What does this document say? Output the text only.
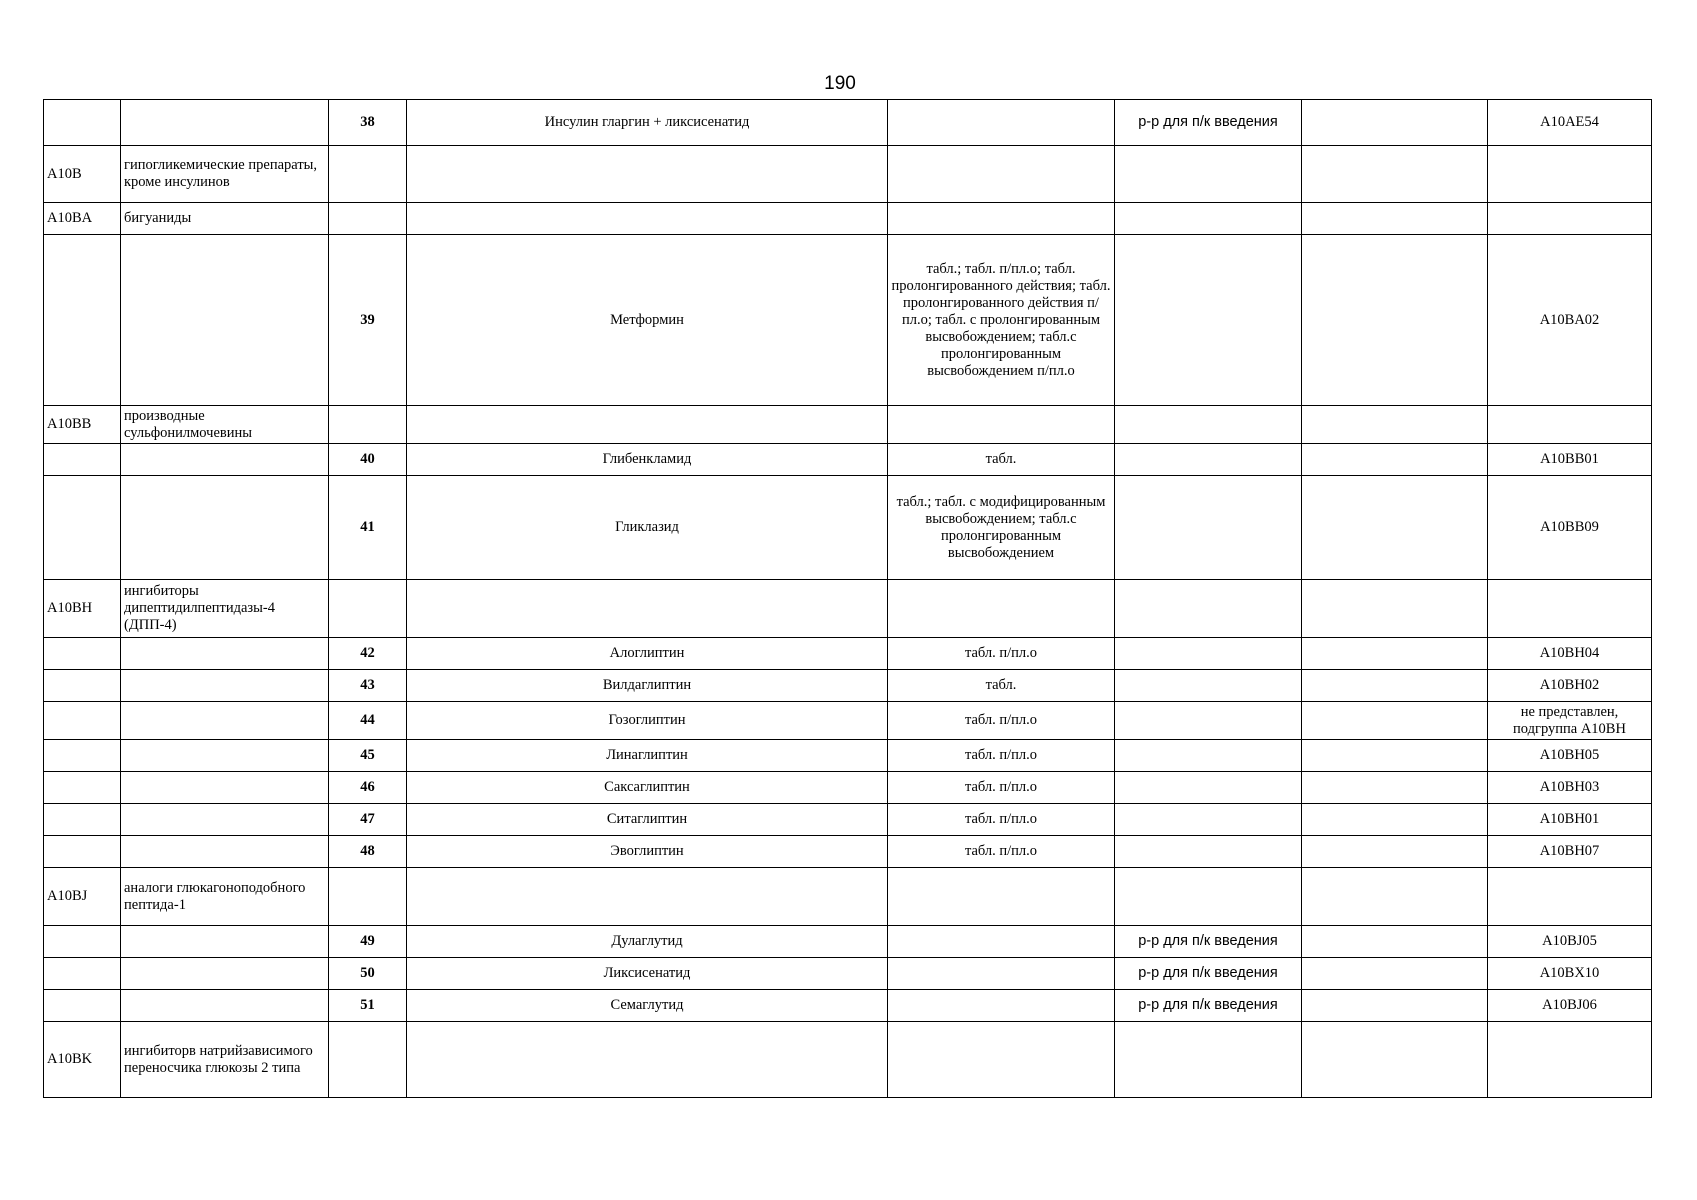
190
		38	Инсулин гларгин + ликсисенатид		р-р для п/к введения		A10AE54
A10B	гипогликемические препараты, кроме инсулинов						
A10BA	бигуаниды						
		39	Метформин	табл.; табл. п/пл.о; табл. пролонгированного действия; табл. пролонгированного действия п/пл.о; табл. с пролонгированным высвобождением; табл.с пролонгированным высвобождением п/пл.о			A10BA02
A10BB	производные сульфонилмочевины						
		40	Глибенкламид	табл.			A10BB01
		41	Гликлазид	табл.; табл. с модифицированным высвобождением; табл.с пролонгированным высвобождением			A10BB09
A10BH	ингибиторы дипептидилпептидазы-4 (ДПП-4)						
		42	Алоглиптин	табл. п/пл.о			A10BH04
		43	Вилдаглиптин	табл.			A10BH02
		44	Гозоглиптин	табл. п/пл.о			не представлен, подгруппа A10BH
		45	Линаглиптин	табл. п/пл.о			A10BH05
		46	Саксаглиптин	табл. п/пл.о			A10BH03
		47	Ситаглиптин	табл. п/пл.о			A10BH01
		48	Эвоглиптин	табл. п/пл.о			A10BH07
A10BJ	аналоги глюкагоноподобного пептида-1						
		49	Дулаглутид		р-р для п/к введения		A10BJ05
		50	Ликсисенатид		р-р для п/к введения		A10BX10
		51	Семаглутид		р-р для п/к введения		A10BJ06
A10BK	ингибиторв натрийзависимого переносчика глюкозы 2 типа						
